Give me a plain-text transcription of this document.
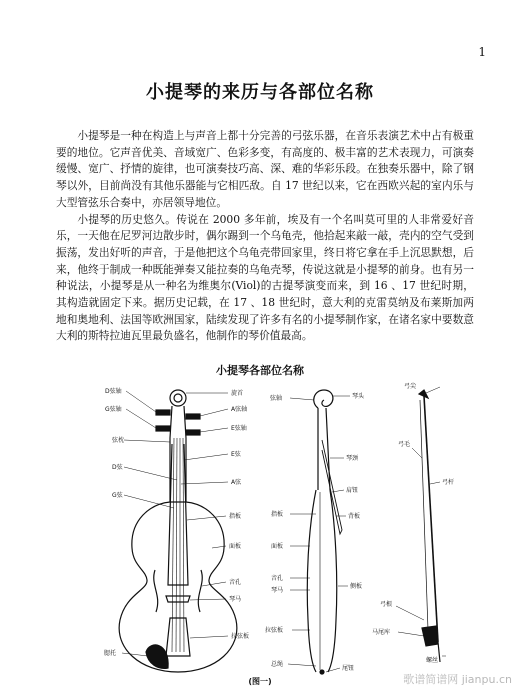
1
小提琴的来历与各部位名称

小提琴是一种在构造上与声音上都十分完善的弓弦乐器，在音乐表演艺术中占有极重要的地位。它声音优美、音域宽广、色彩多变，有高度的、极丰富的艺术表现力，可演奏缓慢、宽广、抒情的旋律，也可演奏技巧高、深、难的华彩乐段。在独奏乐器中，除了钢琴以外，目前尚没有其他乐器能与它相匹敌。自 17 世纪以来，它在西欧兴起的室内乐与大型管弦乐合奏中，亦居领导地位。

小提琴的历史悠久。传说在 2000 多年前，埃及有一个名叫莫可里的人非常爱好音乐，一天他在尼罗河边散步时，偶尔踢到一个乌龟壳，他拾起来敲一敲，壳内的空气受到振荡，发出好听的声音，于是他把这个乌龟壳带回家里，终日将它拿在手上沉思默想，后来，他终于制成一种既能弹奏又能拉奏的乌龟壳琴，传说这就是小提琴的前身。也有另一种说法，小提琴是从一种名为维奥尔(Viol)的古提琴演变而来，到 16 、17 世纪时期，其构造就固定下来。据历史记载，在 17 、18 世纪时，意大利的克雷莫纳及布莱斯加两地和奥地利、法国等欧洲国家，陆续发现了许多有名的小提琴制作家，在诸名家中要数意大利的斯特拉迪瓦里最负盛名，他制作的琴价值最高。

小提琴各部位名称
D弦轴
G弦轴
弦枕
D弦
G弦
旋首
A弦轴
E弦轴
E弦
A弦
指板
面板
音孔
琴马
腮托
拉弦板
琴头
弦轴
琴颈
肩钮
背板
侧板
音孔
琴马
指板
面板
拉弦板
总绳
尾钮
弓尖
弓毛
弓杆
弓根
马尾库
螺丝
(图一)	歌谱简谱网 jianpu.cn
